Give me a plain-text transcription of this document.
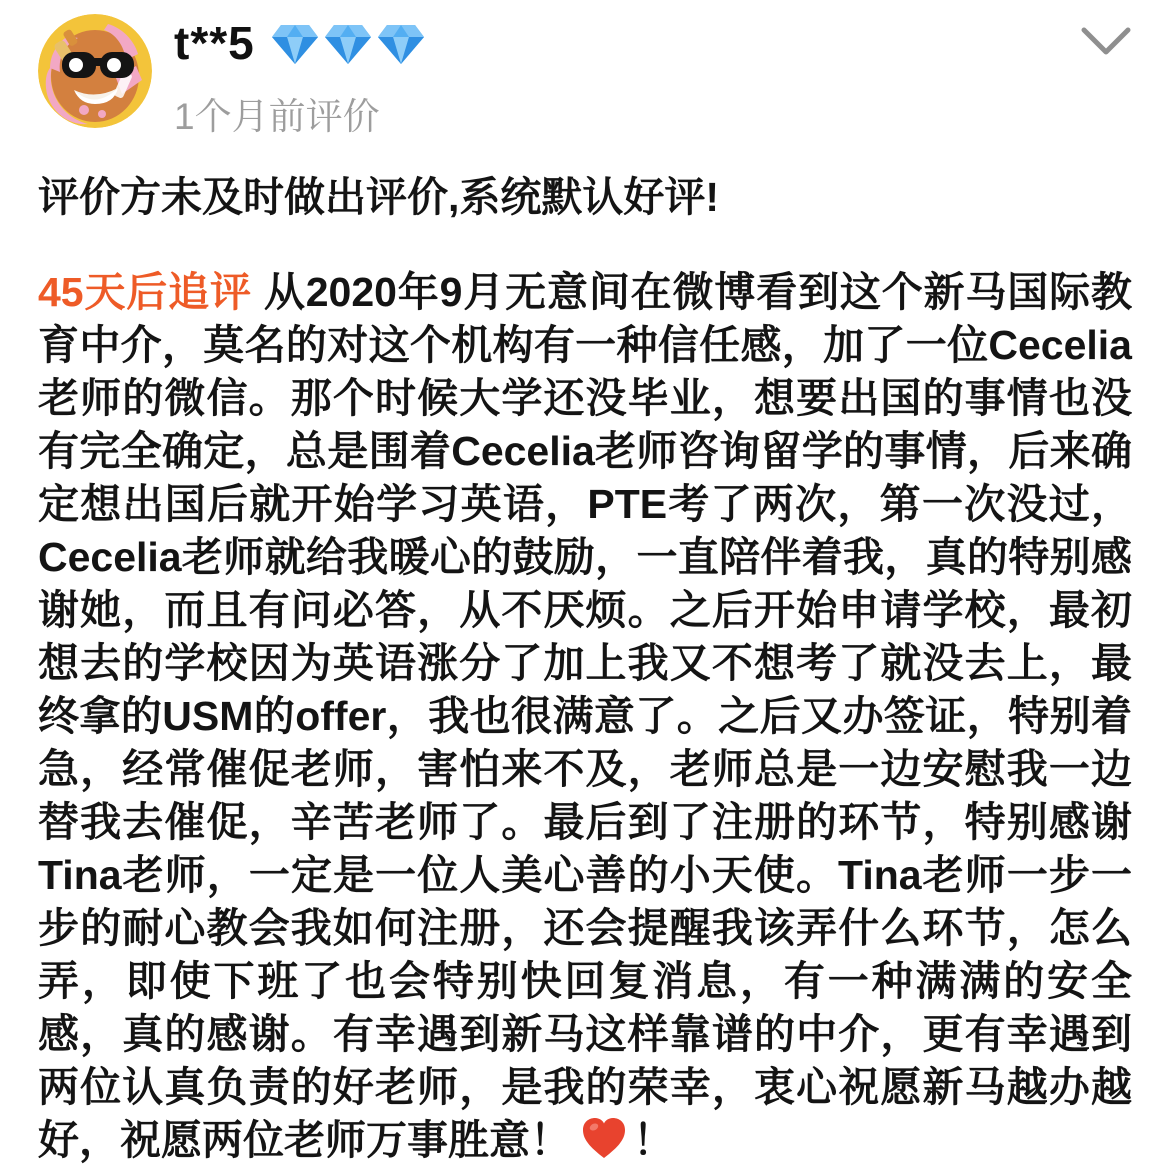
t**5
1个月前评价
评价方未及时做出评价,系统默认好评!
45天后追评 从2020年9月无意间在微博看到这个新马国际教育中介，莫名的对这个机构有一种信任感，加了一位Cecelia老师的微信。那个时候大学还没毕业，想要出国的事情也没有完全确定，总是围着Cecelia老师咨询留学的事情，后来确定想出国后就开始学习英语，PTE考了两次，第一次没过，Cecelia老师就给我暖心的鼓励，一直陪伴着我，真的特别感谢她，而且有问必答，从不厌烦。之后开始申请学校，最初想去的学校因为英语涨分了加上我又不想考了就没去上，最终拿的USM的offer，我也很满意了。之后又办签证，特别着急，经常催促老师，害怕来不及，老师总是一边安慰我一边替我去催促，辛苦老师了。最后到了注册的环节，特别感谢Tina老师，一定是一位人美心善的小天使。Tina老师一步一步的耐心教会我如何注册，还会提醒我该弄什么环节，怎么弄，即使下班了也会特别快回复消息，有一种满满的安全感，真的感谢。有幸遇到新马这样靠谱的中介，更有幸遇到两位认真负责的好老师，是我的荣幸，衷心祝愿新马越办越好，祝愿两位老师万事胜意！ ！
